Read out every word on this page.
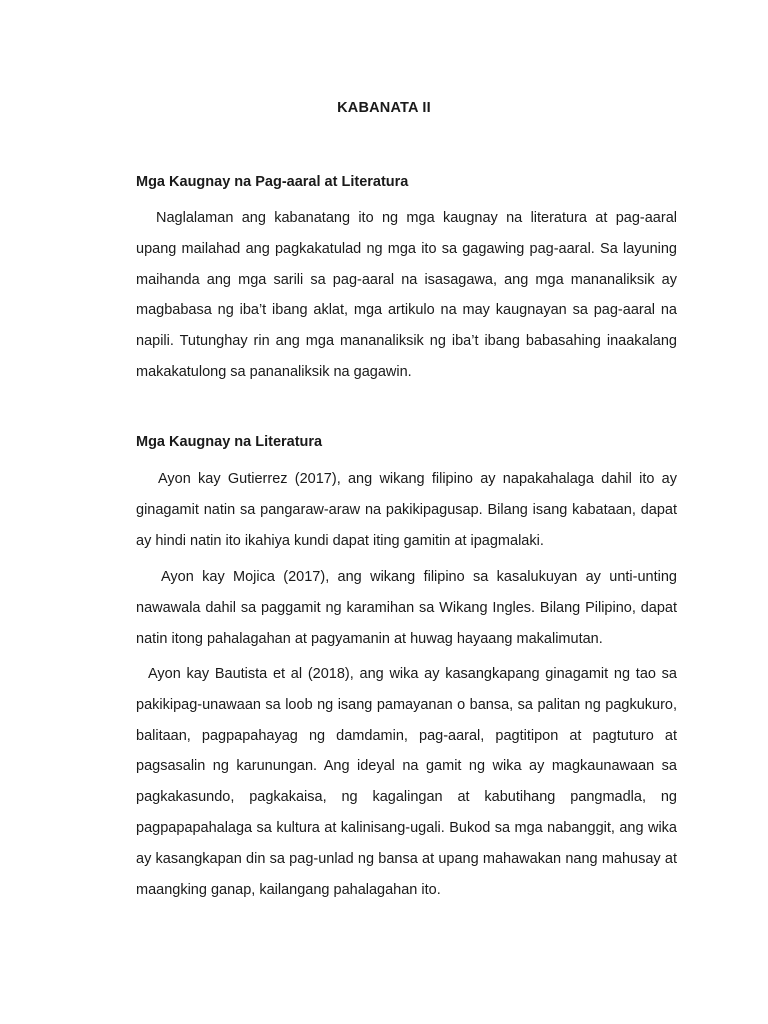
KABANATA II
Mga Kaugnay na Pag-aaral at Literatura

Naglalaman ang kabanatang ito ng mga kaugnay na literatura at pag-aaral upang mailahad ang pagkakatulad ng mga ito sa gagawing pag-aaral. Sa layuning maihanda ang mga sarili sa pag-aaral na isasagawa, ang mga mananaliksik ay magbabasa ng iba’t ibang aklat, mga artikulo na may kaugnayan sa pag-aaral na napili. Tutunghay rin ang mga mananaliksik ng iba’t ibang babasahing inaakalang makakatulong sa pananaliksik na gagawin.

Mga Kaugnay na Literatura

Ayon kay Gutierrez (2017), ang wikang filipino ay napakahalaga dahil ito ay ginagamit natin sa pangaraw-araw na pakikipagusap. Bilang isang kabataan, dapat ay hindi natin ito ikahiya kundi dapat iting gamitin at ipagmalaki.

Ayon kay Mojica (2017), ang wikang filipino sa kasalukuyan ay unti-unting nawawala dahil sa paggamit ng karamihan sa Wikang Ingles. Bilang Pilipino, dapat natin itong pahalagahan at pagyamanin at huwag hayaang makalimutan.

Ayon kay Bautista et al (2018), ang wika ay kasangkapang ginagamit ng tao sa pakikipag-unawaan sa loob ng isang pamayanan o bansa, sa palitan ng pagkukuro, balitaan, pagpapahayag ng damdamin, pag-aaral, pagtitipon at pagtuturo at pagsasalin ng karunungan. Ang ideyal na gamit ng wika ay magkaunawaan sa pagkakasundo, pagkakaisa, ng kagalingan at kabutihang pangmadla, ng pagpapapahalaga sa kultura at kalinisang-ugali. Bukod sa mga nabanggit, ang wika ay kasangkapan din sa pag-unlad ng bansa at upang mahawakan nang mahusay at maangking ganap, kailangang pahalagahan ito.
